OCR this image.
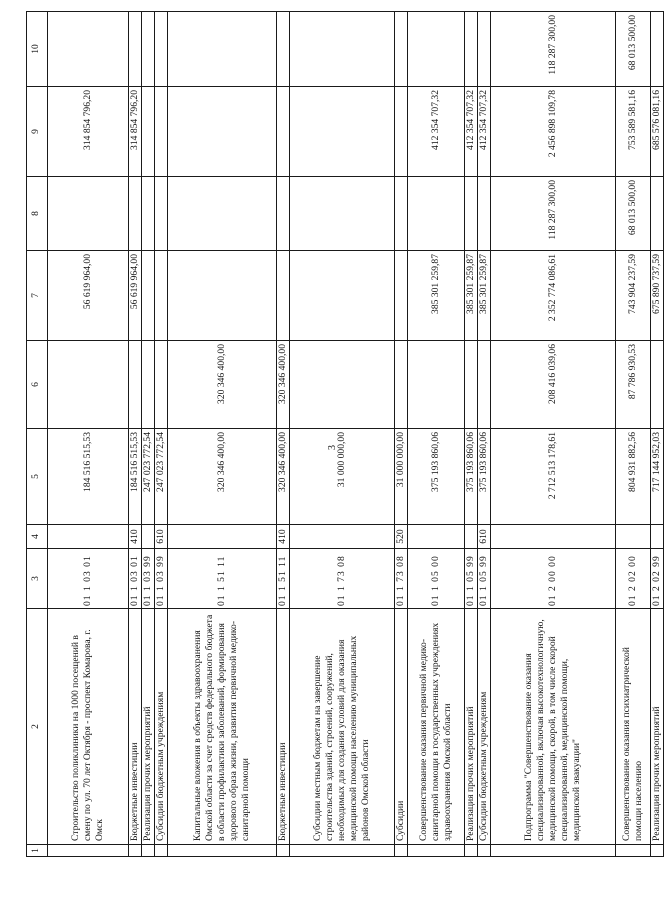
3
1	2	3	4	5	6	7	8	9	10
	Строительство поликлиники на 1000 посещений в смену по ул. 70 лет Октября - проспект Комарова, г. Омск	01 1 03 01		184 516 515,53		56 619 964,00		314 854 796,20	
	Бюджетные инвестиции	01 1 03 01	410	184 516 515,53		56 619 964,00		314 854 796,20	
	Реализация прочих мероприятий	01 1 03 99		247 023 772,54					
	Субсидии бюджетным учреждениям	01 1 03 99	610	247 023 772,54					
	Капитальные вложения в объекты здравоохранения Омской области за счет средств федерального бюджета в области профилактики заболеваний, формирования здорового образа жизни, развития первичной медико-санитарной помощи	01 1 51 11		320 346 400,00	320 346 400,00				
	Бюджетные инвестиции	01 1 51 11	410	320 346 400,00	320 346 400,00				
	Субсидии местным бюджетам на завершение строительства зданий, строений, сооружений, необходимых для создания условий для оказания медицинской помощи населению муниципальных районов Омской области	01 1 73 08		31 000 000,00					
	Субсидии	01 1 73 08	520	31 000 000,00					
	Совершенствование оказания первичной медико-санитарной помощи в государственных учреждениях здравоохранения Омской области	01 1 05 00		375 193 860,06		385 301 259,87		412 354 707,32	
	Реализация прочих мероприятий	01 1 05 99		375 193 860,06		385 301 259,87		412 354 707,32	
	Субсидии бюджетным учреждениям	01 1 05 99	610	375 193 860,06		385 301 259,87		412 354 707,32	
	Подпрограмма "Совершенствование оказания специализированной, включая высокотехнологичную, медицинской помощи, скорой, в том числе скорой специализированной, медицинской помощи, медицинской эвакуации"	01 2 00 00		2 712 513 178,61	208 416 039,06	2 352 774 086,61	118 287 300,00	2 456 898 109,78	118 287 300,00
	Совершенствование оказания психиатрической помощи населению	01 2 02 00		804 931 882,56	87 786 930,53	743 904 237,59	68 013 500,00	753 589 581,16	68 013 500,00
	Реализация прочих мероприятий	01 2 02 99		717 144 952,03		675 890 737,59		685 576 081,16	
